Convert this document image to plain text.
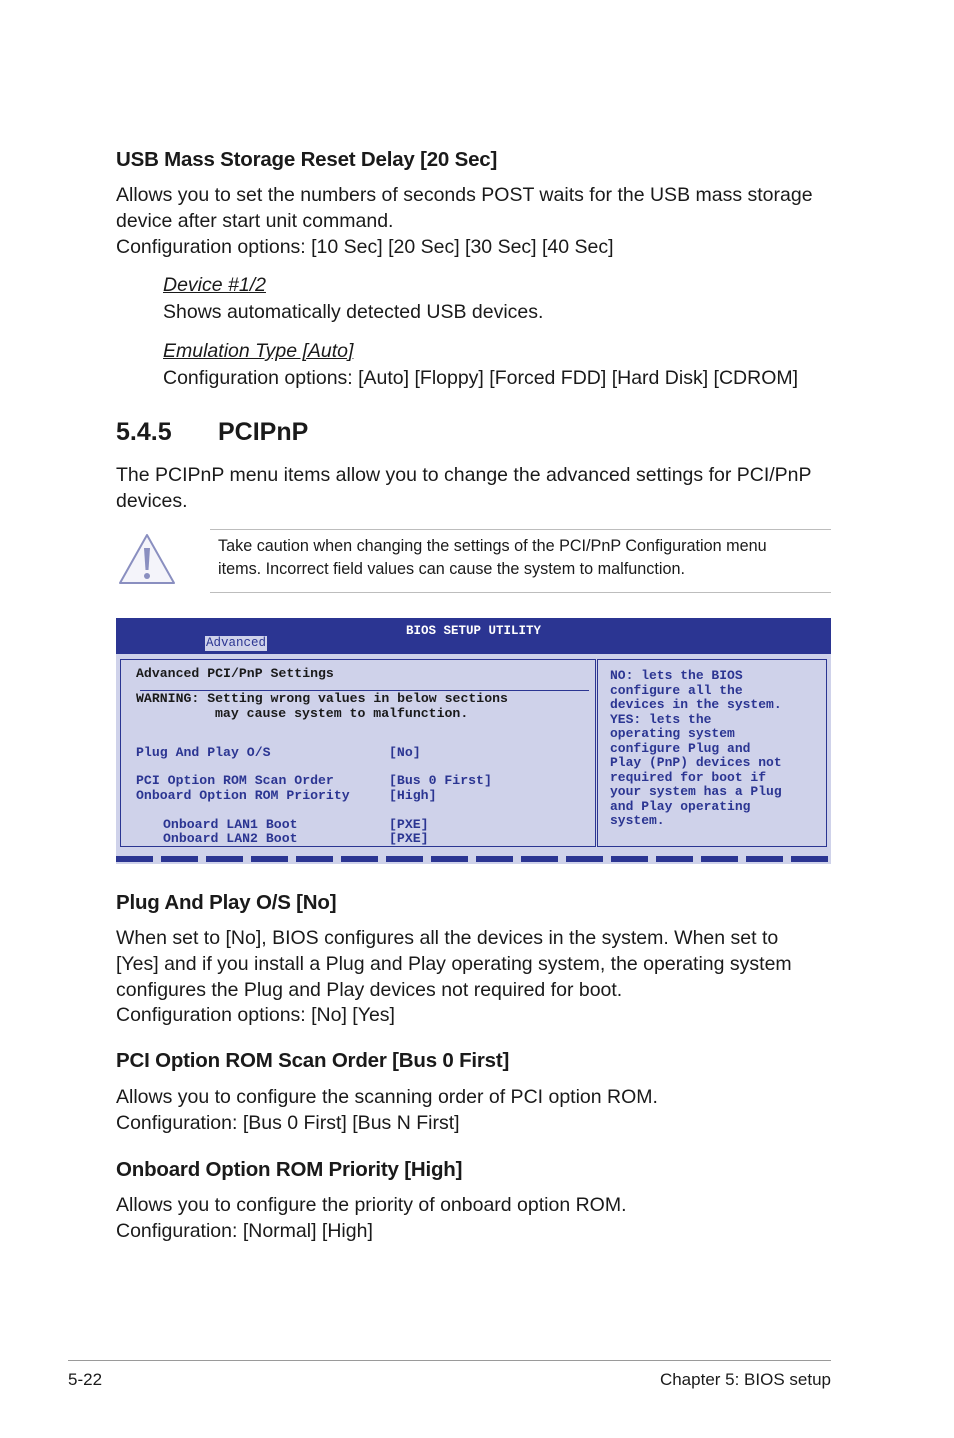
USB Mass Storage Reset Delay [20 Sec]
Allows you to set the numbers of seconds POST waits for the USB mass storage
device after start unit command.
Configuration options: [10 Sec] [20 Sec] [30 Sec] [40 Sec]
Device #1/2
Shows automatically detected USB devices.
Emulation Type [Auto]
Configuration options: [Auto] [Floppy] [Forced FDD] [Hard Disk] [CDROM]
5.4.5 PCIPnP
The PCIPnP menu items allow you to change the advanced settings for PCI/PnP
devices.
Take caution when changing the settings of the PCI/PnP Configuration menu
items. Incorrect field values can cause the system to malfunction.
BIOS SETUP UTILITY
Advanced
Advanced PCI/PnP Settings
WARNING: Setting wrong values in below sections
may cause system to malfunction.
Plug And Play O/S	[No]
PCI Option ROM Scan Order	[Bus 0 First]
Onboard Option ROM Priority	[High]
Onboard LAN1 Boot	[PXE]
Onboard LAN2 Boot	[PXE]
NO: lets the BIOS
configure all the
devices in the system.
YES: lets the
operating system
configure Plug and
Play (PnP) devices not
required for boot if
your system has a Plug
and Play operating
system.
Plug And Play O/S [No]
When set to [No], BIOS configures all the devices in the system. When set to
[Yes] and if you install a Plug and Play operating system, the operating system
configures the Plug and Play devices not required for boot.
Configuration options: [No] [Yes]
PCI Option ROM Scan Order [Bus 0 First]
Allows you to configure the scanning order of PCI option ROM.
Configuration: [Bus 0 First] [Bus N First]
Onboard Option ROM Priority [High]
Allows you to configure the priority of onboard option ROM.
Configuration: [Normal] [High]
5-22	Chapter 5: BIOS setup
